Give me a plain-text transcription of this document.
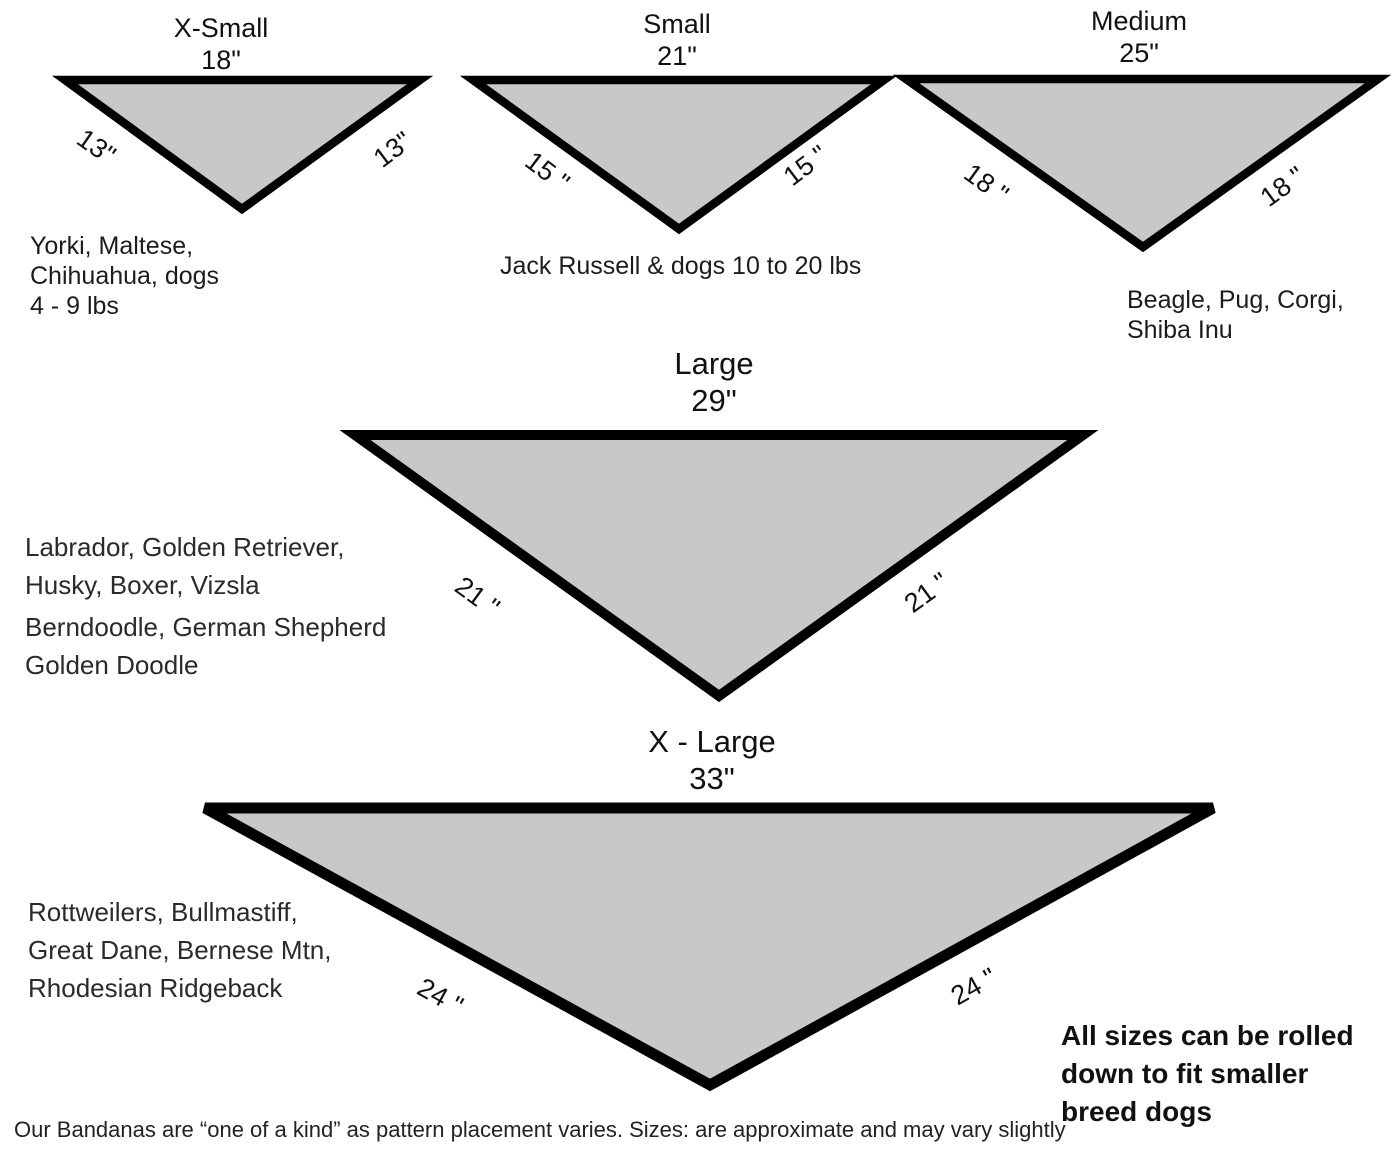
X-Small
18"
13"	13"
Yorki, Maltese,
Chihuahua, dogs
4 - 9 lbs
Small
21"
15 "	15 "
Jack Russell & dogs 10 to 20 lbs
Medium
25"
18 "	18 "
Beagle, Pug, Corgi,
Shiba Inu
Large
29"
21 "	21 "
Labrador, Golden Retriever,
Husky, Boxer, Vizsla
Berndoodle, German Shepherd
Golden Doodle
X - Large
33"
24 "	24 "
Rottweilers, Bullmastiff,
Great Dane, Bernese Mtn,
Rhodesian Ridgeback
All sizes can be rolled
down to fit smaller
breed dogs
Our Bandanas are “one of a kind” as pattern placement varies. Sizes: are approximate and may vary slightly
